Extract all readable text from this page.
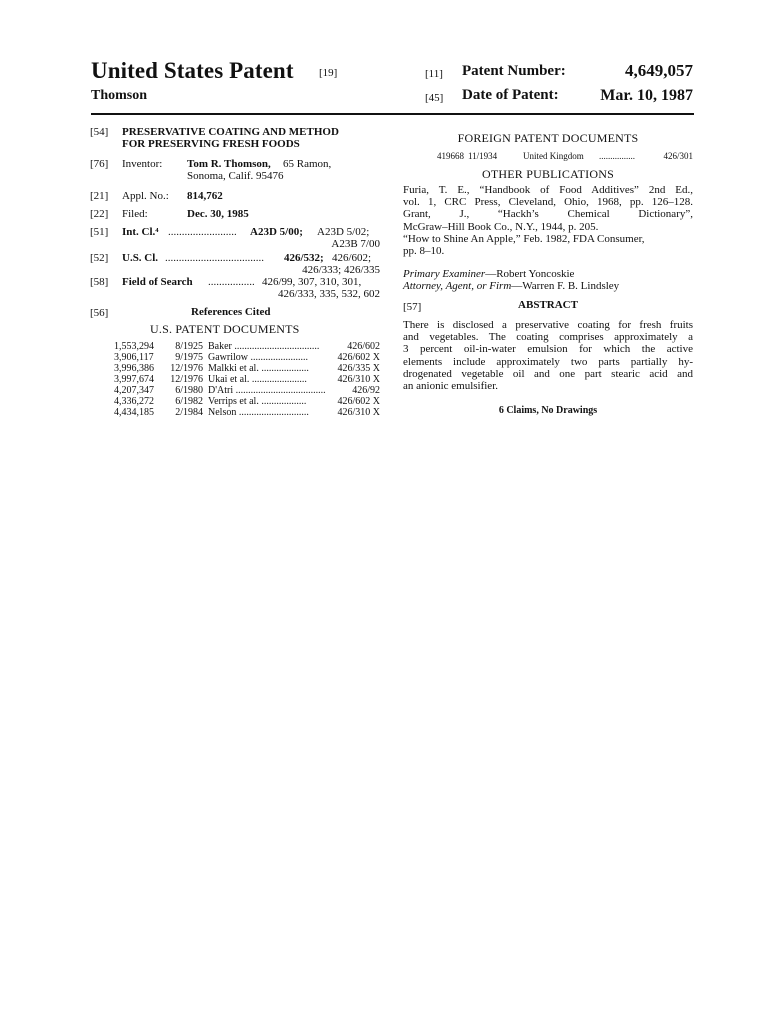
United States Patent [19]
Thomson
[11] Patent Number:	4,649,057
[45] Date of Patent:	Mar. 10, 1987
[54]	PRESERVATIVE COATING AND METHOD
FOR PRESERVING FRESH FOODS
[76]	Inventor: Tom R. Thomson, 65 Ramon,
Sonoma, Calif. 95476
[21]	Appl. No.: 814,762
[22]	Filed:	Dec. 30, 1985
[51]	Int. Cl.⁴ ......................... A23D 5/00; A23D 5/02;
A23B 7/00
[52]	U.S. Cl. .................................... 426/532; 426/602;
426/333; 426/335
[58]	Field of Search ................. 426/99, 307, 310, 301,
426/333, 335, 532, 602
[56]	References Cited
U.S. PATENT DOCUMENTS
1,553,294	8/1925 Baker ..................................	426/602
3,906,117	9/1975 Gawrilow .......................	426/602 X
3,996,386	12/1976 Malkki et al. ...................	426/335 X
3,997,674	12/1976 Ukai et al. ......................	426/310 X
4,207,347	6/1980 D'Atri ....................................	426/92
4,336,272	6/1982 Verrips et al. ..................	426/602 X
4,434,185	2/1984 Nelson ............................	426/310 X
FOREIGN PATENT DOCUMENTS
419668 11/1934	United Kingdom ................	426/301
OTHER PUBLICATIONS
Furia, T. E., “Handbook of Food Additives” 2nd Ed.,
vol. 1, CRC Press, Cleveland, Ohio, 1968, pp. 126–128.
Grant, J., “Hackh’s Chemical Dictionary”,
McGraw–Hill Book Co., N.Y., 1944, p. 205.
“How to Shine An Apple,” Feb. 1982, FDA Consumer,
pp. 8–10.
Primary Examiner—Robert Yoncoskie
Attorney, Agent, or Firm—Warren F. B. Lindsley
[57]	ABSTRACT
There is disclosed a preservative coating for fresh fruits
and vegetables. The coating comprises approximately a
3 percent oil-in-water emulsion for which the active
elements include approximately two parts partially hy-
drogenated vegetable oil and one part stearic acid and
an anionic emulsifier.
6 Claims, No Drawings
